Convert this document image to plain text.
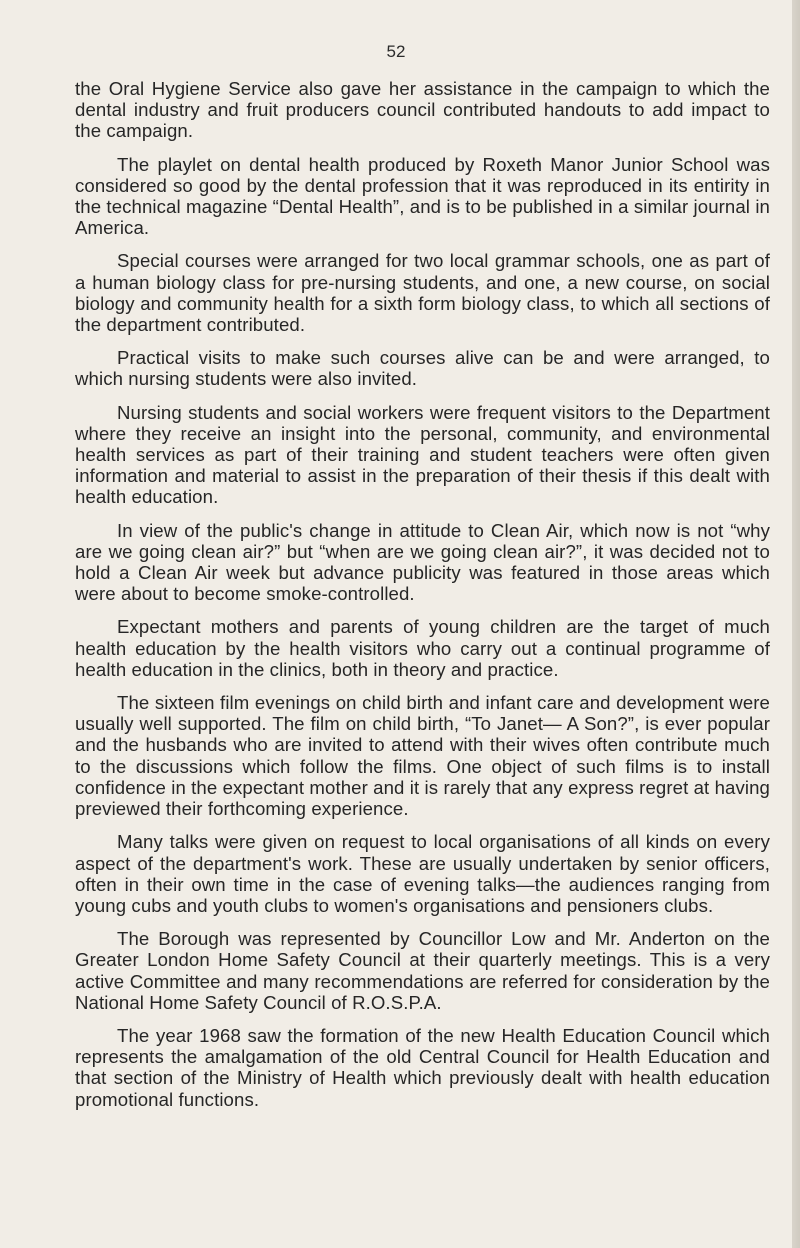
52

the Oral Hygiene Service also gave her assistance in the campaign to which the dental industry and fruit producers council contributed handouts to add impact to the campaign.

The playlet on dental health produced by Roxeth Manor Junior School was considered so good by the dental profession that it was reproduced in its entirity in the technical magazine “Dental Health”, and is to be published in a similar journal in America.

Special courses were arranged for two local grammar schools, one as part of a human biology class for pre-nursing students, and one, a new course, on social biology and community health for a sixth form biology class, to which all sections of the department contributed.

Practical visits to make such courses alive can be and were arranged, to which nursing students were also invited.

Nursing students and social workers were frequent visitors to the Department where they receive an insight into the personal, community, and environmental health services as part of their training and student teachers were often given information and material to assist in the preparation of their thesis if this dealt with health education.

In view of the public's change in attitude to Clean Air, which now is not “why are we going clean air?” but “when are we going clean air?”, it was decided not to hold a Clean Air week but advance publicity was featured in those areas which were about to become smoke-controlled.

Expectant mothers and parents of young children are the target of much health education by the health visitors who carry out a continual programme of health education in the clinics, both in theory and practice.

The sixteen film evenings on child birth and infant care and development were usually well supported. The film on child birth, “To Janet— A Son?”, is ever popular and the husbands who are invited to attend with their wives often contribute much to the discussions which follow the films. One object of such films is to install confidence in the expectant mother and it is rarely that any express regret at having previewed their forthcoming experience.

Many talks were given on request to local organisations of all kinds on every aspect of the department's work. These are usually undertaken by senior officers, often in their own time in the case of evening talks—the audiences ranging from young cubs and youth clubs to women's organisations and pensioners clubs.

The Borough was represented by Councillor Low and Mr. Anderton on the Greater London Home Safety Council at their quarterly meetings. This is a very active Committee and many recommendations are referred for consideration by the National Home Safety Council of R.O.S.P.A.

The year 1968 saw the formation of the new Health Education Council which represents the amalgamation of the old Central Council for Health Education and that section of the Ministry of Health which previously dealt with health education promotional functions.
